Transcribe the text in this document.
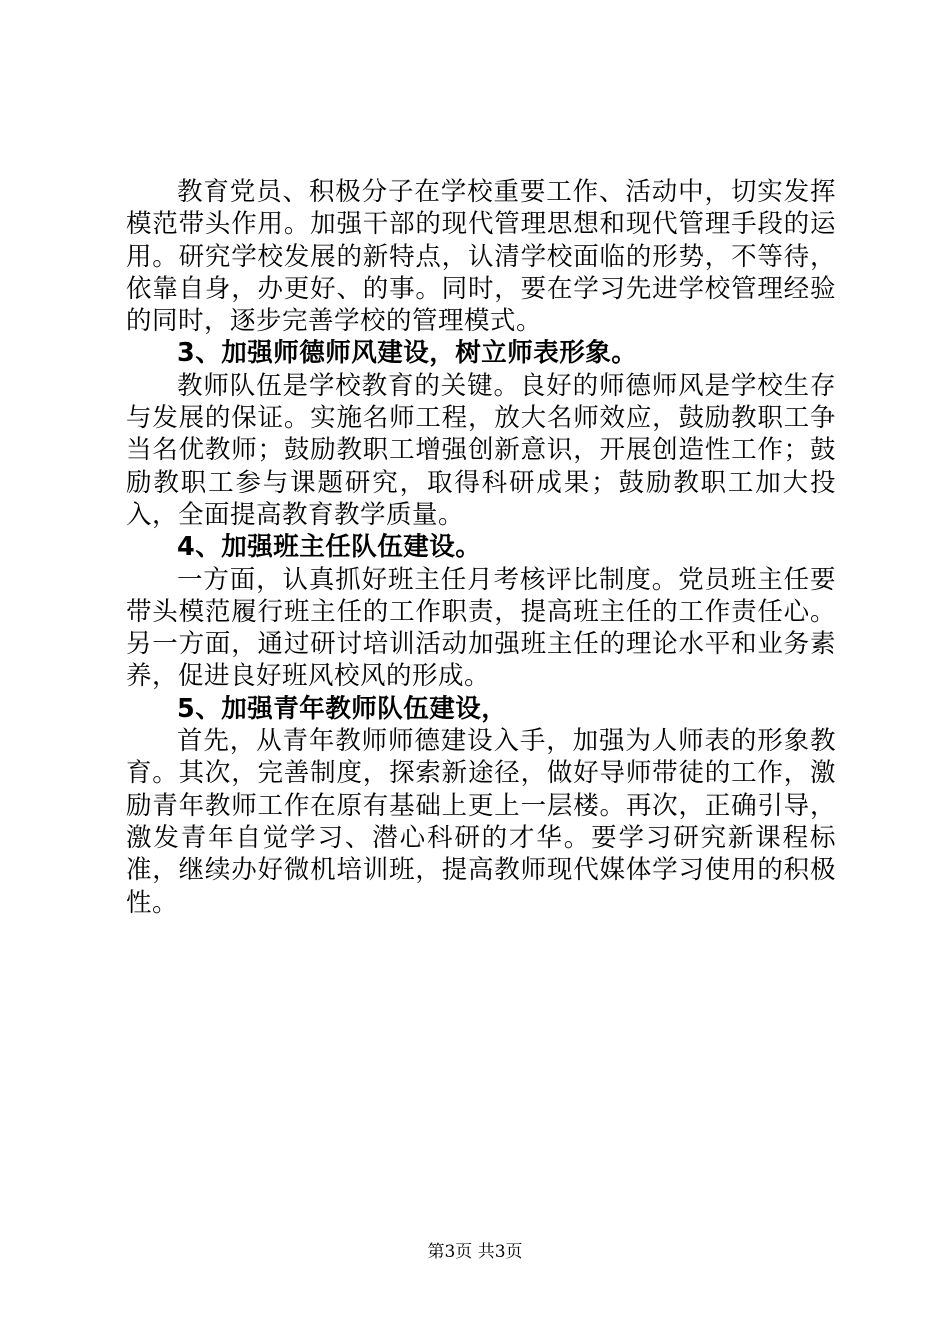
教育党员、积极分子在学校重要工作、活动中，切实发挥模范带头作用。加强干部的现代管理思想和现代管理手段的运用。研究学校发展的新特点，认清学校面临的形势，不等待，依靠自身，办更好、的事。同时，要在学习先进学校管理经验的同时，逐步完善学校的管理模式。

3、加强师德师风建设，树立师表形象。

教师队伍是学校教育的关键。良好的师德师风是学校生存与发展的保证。实施名师工程，放大名师效应，鼓励教职工争当名优教师；鼓励教职工增强创新意识，开展创造性工作；鼓励教职工参与课题研究，取得科研成果；鼓励教职工加大投入，全面提高教育教学质量。

4、加强班主任队伍建设。

一方面，认真抓好班主任月考核评比制度。党员班主任要带头模范履行班主任的工作职责，提高班主任的工作责任心。另一方面，通过研讨培训活动加强班主任的理论水平和业务素养，促进良好班风校风的形成。

5、加强青年教师队伍建设，

首先，从青年教师师德建设入手，加强为人师表的形象教育。其次，完善制度，探索新途径，做好导师带徒的工作，激励青年教师工作在原有基础上更上一层楼。再次，正确引导，激发青年自觉学习、潜心科研的才华。要学习研究新课程标准，继续办好微机培训班，提高教师现代媒体学习使用的积极性。

第3页 共3页
